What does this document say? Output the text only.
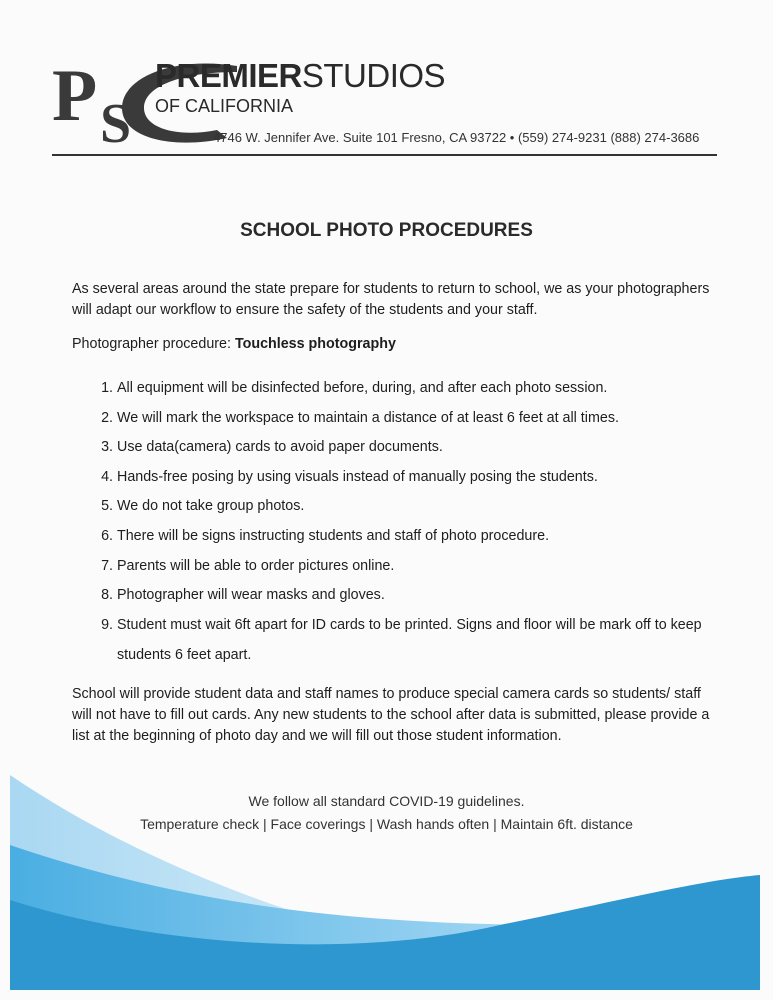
P S
PREMIERSTUDIOS
OF CALIFORNIA
4746 W. Jennifer Ave. Suite 101 Fresno, CA 93722 • (559) 274-9231 (888) 274-3686
SCHOOL PHOTO PROCEDURES
As several areas around the state prepare for students to return to school, we as your photographers will adapt our workflow to ensure the safety of the students and your staff.
Photographer procedure: Touchless photography
1. All equipment will be disinfected before, during, and after each photo session.
2. We will mark the workspace to maintain a distance of at least 6 feet at all times.
3. Use data(camera) cards to avoid paper documents.
4. Hands-free posing by using visuals instead of manually posing the students.
5. We do not take group photos.
6. There will be signs instructing students and staff of photo procedure.
7. Parents will be able to order pictures online.
8. Photographer will wear masks and gloves.
9. Student must wait 6ft apart for ID cards to be printed. Signs and floor will be mark off to keep students 6 feet apart.
School will provide student data and staff names to produce special camera cards so students/ staff will not have to fill out cards. Any new students to the school after data is submitted, please provide a list at the beginning of photo day and we will fill out those student information.
We follow all standard COVID-19 guidelines.
Temperature check | Face coverings | Wash hands often | Maintain 6ft. distance
